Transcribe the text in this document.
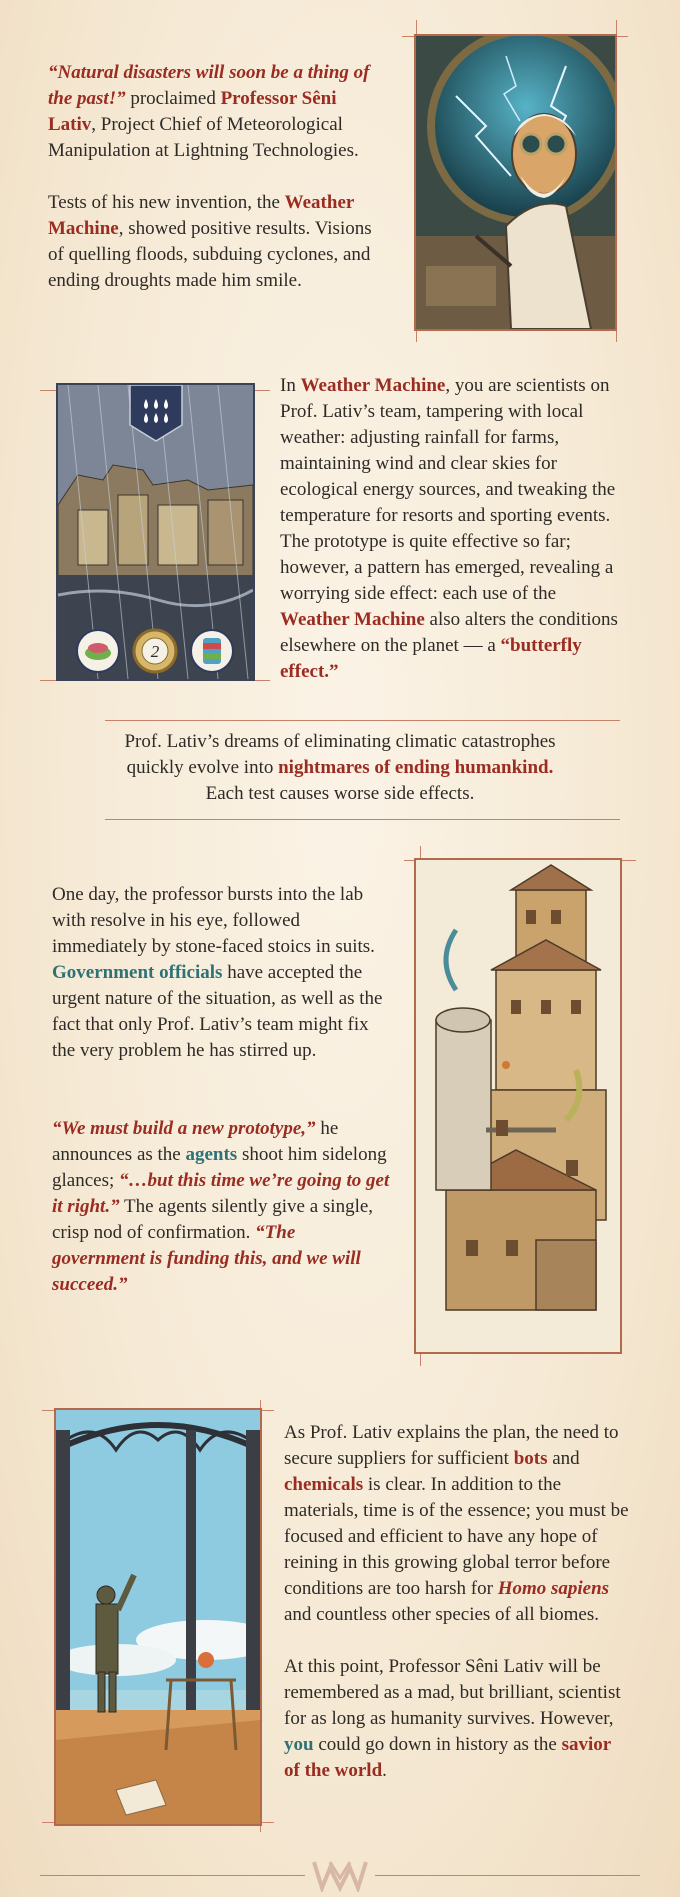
“Natural disasters will soon be a thing of the past!” proclaimed Professor Sêni Lativ, Project Chief of Meteorological Manipulation at Lightning Technologies.

Tests of his new invention, the Weather Machine, showed positive results. Visions of quelling floods, subduing cyclones, and ending droughts made him smile.

2

In Weather Machine, you are scientists on Prof. Lativ’s team, tampering with local weather: adjusting rainfall for farms, maintaining wind and clear skies for ecological energy sources, and tweaking the temperature for resorts and sporting events. The prototype is quite effective so far; however, a pattern has emerged, revealing a worrying side effect: each use of the Weather Machine also alters the conditions elsewhere on the planet — a “butterfly effect.”

Prof. Lativ’s dreams of eliminating climatic catastrophes
quickly evolve into nightmares of ending humankind.
Each test causes worse side effects.

One day, the professor bursts into the lab with resolve in his eye, followed immediately by stone-faced stoics in suits. Government officials have accepted the urgent nature of the situation, as well as the fact that only Prof. Lativ’s team might fix the very problem he has stirred up.

“We must build a new prototype,” he announces as the agents shoot him sidelong glances; “…but this time we’re going to get it right.” The agents silently give a single, crisp nod of confirmation. “The government is funding this, and we will succeed.”

As Prof. Lativ explains the plan, the need to secure suppliers for sufficient bots and chemicals is clear. In addition to the materials, time is of the essence; you must be focused and efficient to have any hope of reining in this growing global terror before conditions are too harsh for Homo sapiens and countless other species of all biomes.

At this point, Professor Sêni Lativ will be remembered as a mad, but brilliant, scientist for as long as humanity survives. However, you could go down in history as the savior of the world.
